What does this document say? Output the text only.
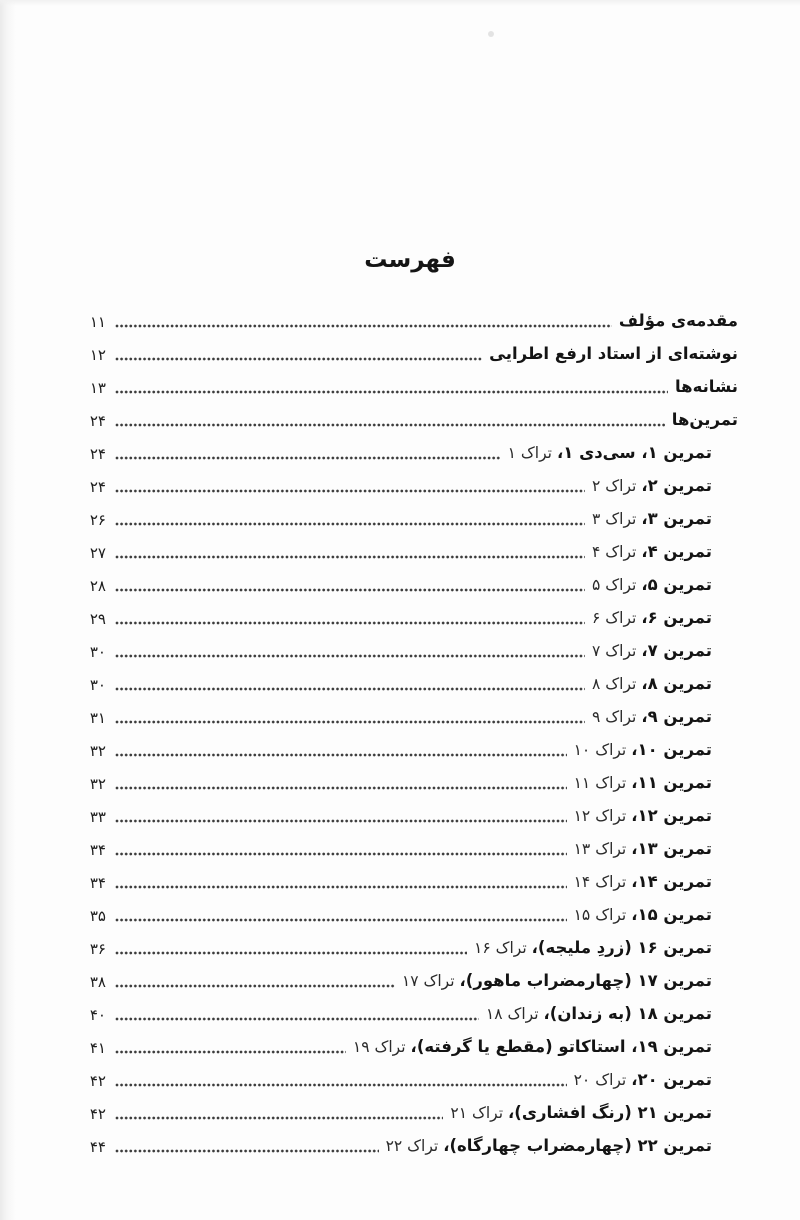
فهرست
مقدمه‌ی مؤلف
۱۱
نوشته‌ای از استاد ارفع اطرایی
۱۲
نشانه‌ها
۱۳
تمرین‌ها
۲۴
تمرین ۱، سی‌دی ۱،تراک ۱
۲۴
تمرین ۲،تراک ۲
۲۴
تمرین ۳،تراک ۳
۲۶
تمرین ۴،تراک ۴
۲۷
تمرین ۵،تراک ۵
۲۸
تمرین ۶،تراک ۶
۲۹
تمرین ۷،تراک ۷
۳۰
تمرین ۸،تراک ۸
۳۰
تمرین ۹،تراک ۹
۳۱
تمرین ۱۰،تراک ۱۰
۳۲
تمرین ۱۱،تراک ۱۱
۳۲
تمرین ۱۲،تراک ۱۲
۳۳
تمرین ۱۳،تراک ۱۳
۳۴
تمرین ۱۴،تراک ۱۴
۳۴
تمرین ۱۵،تراک ۱۵
۳۵
تمرین ۱۶ (زردِ ملیجه)،تراک ۱۶
۳۶
تمرین ۱۷ (چهارمضراب ماهور)،تراک ۱۷
۳۸
تمرین ۱۸ (به زندان)،تراک ۱۸
۴۰
تمرین ۱۹، استاکاتو (مقطع یا گرفته)،تراک ۱۹
۴۱
تمرین ۲۰،تراک ۲۰
۴۲
تمرین ۲۱ (رنگ افشاری)،تراک ۲۱
۴۲
تمرین ۲۲ (چهارمضراب چهارگاه)،تراک ۲۲
۴۴
